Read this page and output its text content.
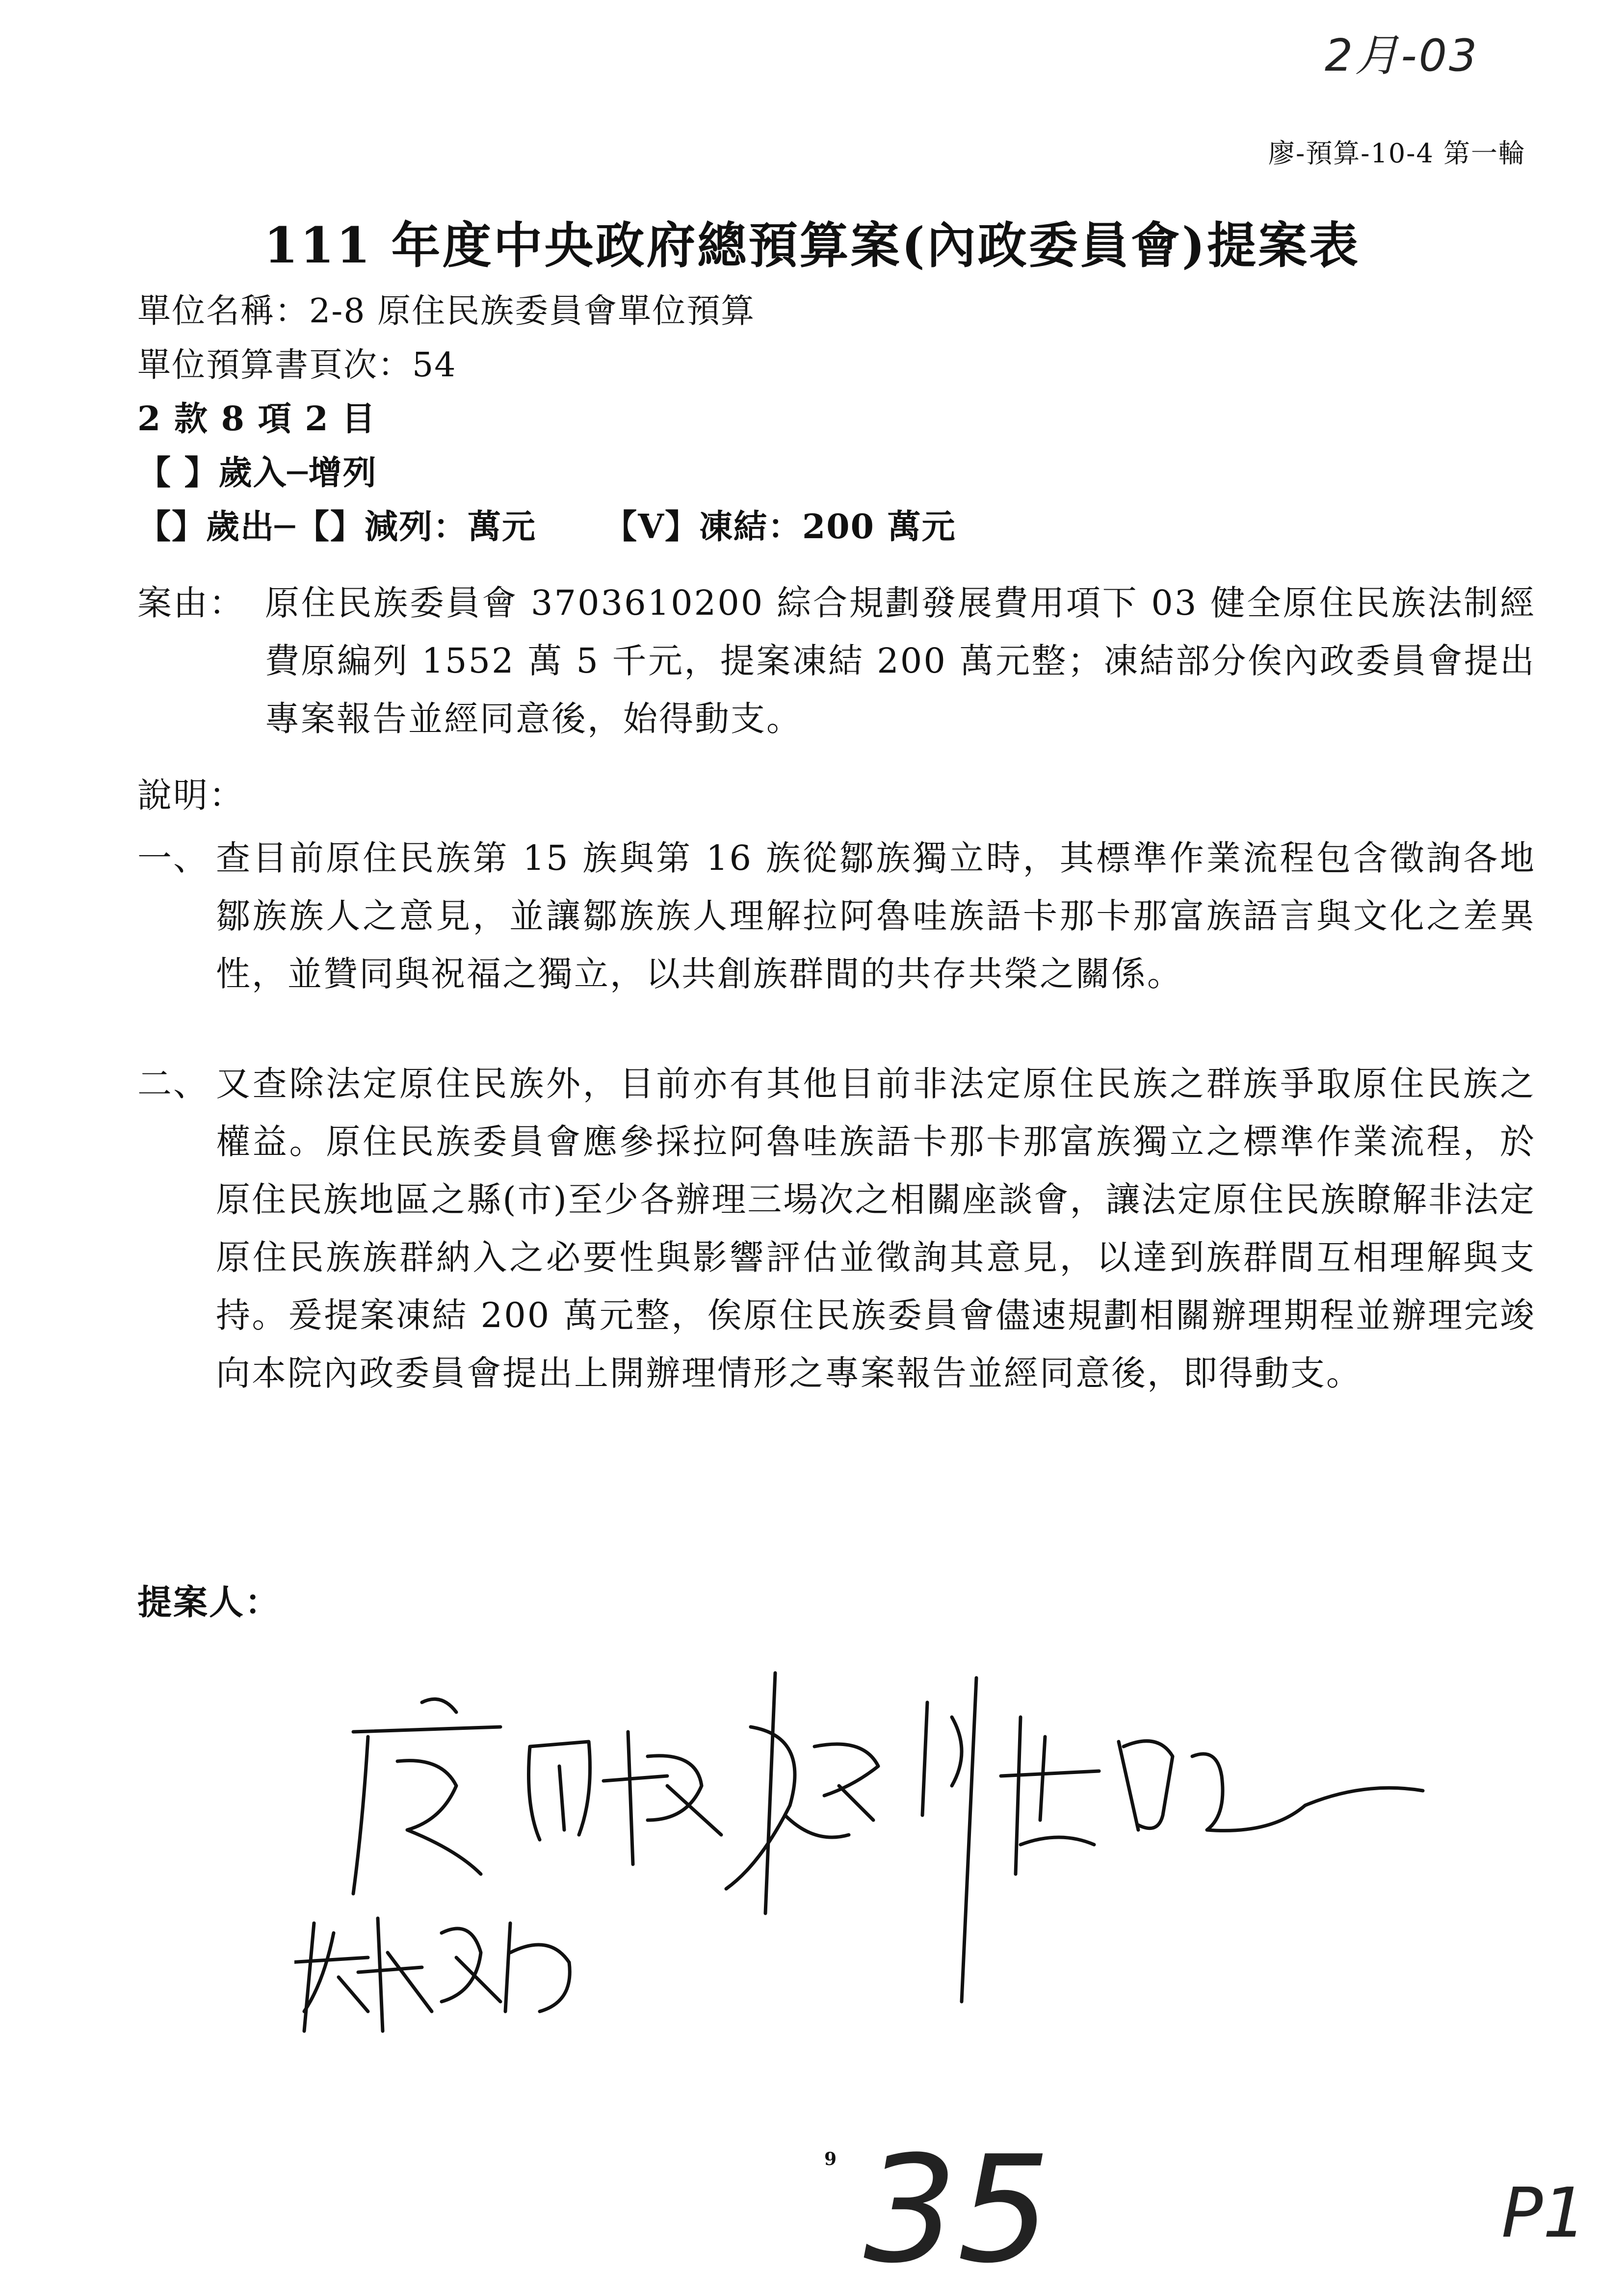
2月-03
廖-預算-10-4 第一輪
111 年度中央政府總預算案(內政委員會)提案表
單位名稱：2-8 原住民族委員會單位預算
單位預算書頁次：54
2 款 8 項 2 目
【 】歲入─增列
【】歲出─【】減列：萬元 【V】凍結：200 萬元
案由： 原住民族委員會 3703610200 綜合規劃發展費用項下 03 健全原住民族法制經費原編列 1552 萬 5 千元，提案凍結 200 萬元整；凍結部分俟內政委員會提出專案報告並經同意後，始得動支。
說明：
一、 查目前原住民族第 15 族與第 16 族從鄒族獨立時，其標準作業流程包含徵詢各地鄒族族人之意見，並讓鄒族族人理解拉阿魯哇族語卡那卡那富族語言與文化之差異性，並贊同與祝福之獨立，以共創族群間的共存共榮之關係。
二、 又查除法定原住民族外，目前亦有其他目前非法定原住民族之群族爭取原住民族之權益。原住民族委員會應參採拉阿魯哇族語卡那卡那富族獨立之標準作業流程，於原住民族地區之縣(市)至少各辦理三場次之相關座談會，讓法定原住民族瞭解非法定原住民族族群納入之必要性與影響評估並徵詢其意見，以達到族群間互相理解與支持。爰提案凍結 200 萬元整，俟原住民族委員會儘速規劃相關辦理期程並辦理完竣向本院內政委員會提出上開辦理情形之專案報告並經同意後，即得動支。
提案人：
9 35	P1
